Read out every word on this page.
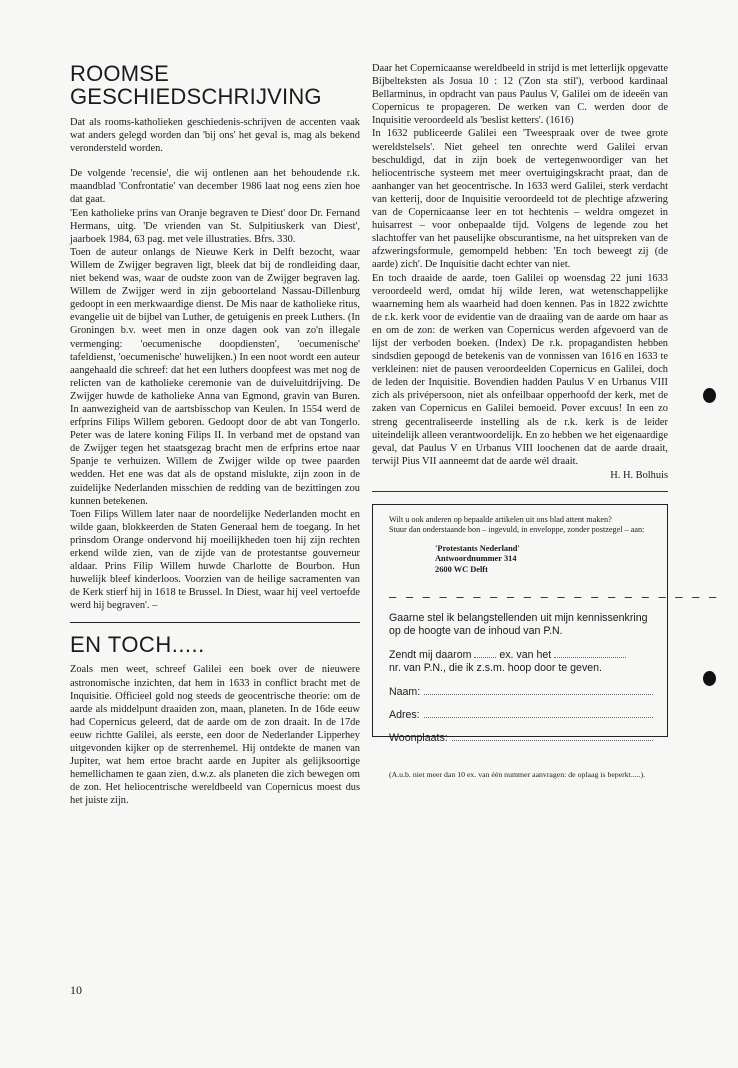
ROOMSE
GESCHIEDSCHRIJVING

Dat als rooms-katholieken geschiedenis-schrijven de accenten vaak wat anders gelegd worden dan 'bij ons' het geval is, mag als bekend verondersteld worden.

De volgende 'recensie', die wij ontlenen aan het behoudende r.k. maandblad 'Confrontatie' van december 1986 laat nog eens zien hoe dat gaat.

'Een katholieke prins van Oranje begraven te Diest' door Dr. Fernand Hermans, uitg. 'De vrienden van St. Sulpitiuskerk van Diest', jaarboek 1984, 63 pag. met vele illustraties. Bfrs. 330.

Toen de auteur onlangs de Nieuwe Kerk in Delft bezocht, waar Willem de Zwijger begraven ligt, bleek dat bij de rondleiding daar, niet bekend was, waar de oudste zoon van de Zwijger begraven lag. Willem de Zwijger werd in zijn geboorteland Nassau-Dillenburg gedoopt in een merkwaardige dienst. De Mis naar de katholieke ritus, evangelie uit de bijbel van Luther, de getuigenis en preek Luthers. (In Groningen b.v. weet men in onze dagen ook van zo'n illegale vermenging: 'oecumenische doopdiensten', 'oecumenische' tafeldienst, 'oecumenische' huwelijken.) In een noot wordt een auteur aangehaald die schreef: dat het een luthers doopfeest was met nog de relicten van de katholieke ceremonie van de duiveluitdrijving. De Zwijger huwde de katholieke Anna van Egmond, gravin van Buren. In aanwezigheid van de aartsbisschop van Keulen. In 1554 werd de erfprins Filips Willem geboren. Gedoopt door de abt van Tongerlo. Peter was de latere koning Filips II. In verband met de opstand van de Zwijger tegen het staatsgezag bracht men de erfprins ertoe naar Spanje te verhuizen. Willem de Zwijger wilde op twee paarden wedden. Het ene was dat als de opstand mislukte, zijn zoon in de zuidelijke Nederlanden misschien de redding van de bezittingen zou kunnen betekenen.

Toen Filips Willem later naar de noordelijke Nederlanden mocht en wilde gaan, blokkeerden de Staten Generaal hem de toegang. In het prinsdom Orange ondervond hij moeilijkheden toen hij zijn rechten erkend wilde zien, van de zijde van de protestantse gouverneur aldaar. Prins Filip Willem huwde Charlotte de Bourbon. Hun huwelijk bleef kinderloos. Voorzien van de heilige sacramenten van de Kerk stierf hij in 1618 te Brussel. In Diest, waar hij veel vertoefde werd hij begraven'. –

EN TOCH.....

Zoals men weet, schreef Galilei een boek over de nieuwere astronomische inzichten, dat hem in 1633 in conflict bracht met de Inquisitie. Officieel gold nog steeds de geocentrische theorie: om de aarde als middelpunt draaiden zon, maan, planeten. In de 16de eeuw had Copernicus geleerd, dat de aarde om de zon draait. In de 17de eeuw richtte Galilei, als eerste, een door de Nederlander Lipperhey uitgevonden kijker op de sterrenhemel. Hij ontdekte de manen van Jupiter, wat hem ertoe bracht aarde en Jupiter als gelijksoortige hemellichamen te gaan zien, d.w.z. als planeten die zich bewegen om de zon. Het heliocentrische wereldbeeld van Copernicus moest dus het juiste zijn.

Daar het Copernicaanse wereldbeeld in strijd is met letterlijk opgevatte Bijbelteksten als Josua 10 : 12 ('Zon sta stil'), verbood kardinaal Bellarminus, in opdracht van paus Paulus V, Galilei om de ideeën van Copernicus te propageren. De werken van C. werden door de Inquisitie veroordeeld als 'beslist ketters'. (1616)

In 1632 publiceerde Galilei een 'Tweespraak over de twee grote wereldstelsels'. Niet geheel ten onrechte werd Galilei ervan beschuldigd, dat in zijn boek de vertegenwoordiger van het heliocentrische systeem met meer overtuigingskracht praat, dan de aanhanger van het geocentrische. In 1633 werd Galilei, sterk verdacht van ketterij, door de Inquisitie veroordeeld tot de plechtige afzwering van de Copernicaanse leer en tot hechtenis – weldra omgezet in huisarrest – voor onbepaalde tijd. Volgens de legende zou het slachtoffer van het pauselijke obscurantisme, na het uitspreken van de afzweringsformule, gemompeld hebben: 'En toch beweegt zij (de aarde) zich'. De Inquisitie dacht echter van niet.

En toch draaide de aarde, toen Galilei op woensdag 22 juni 1633 veroordeeld werd, omdat hij wilde leren, wat wetenschappelijke waarneming hem als waarheid had doen kennen. Pas in 1822 zwichtte de r.k. kerk voor de evidentie van de draaiing van de aarde om haar as en om de zon: de werken van Copernicus werden afgevoerd van de lijst der verboden boeken. (Index) De r.k. propagandisten hebben sindsdien gepoogd de betekenis van de vonnissen van 1616 en 1633 te verkleinen: niet de pausen veroordeelden Copernicus en Galilei, doch de leden der Inquisitie. Bovendien hadden Paulus V en Urbanus VIII zich als privépersoon, niet als onfeilbaar opperhoofd der kerk, met de zaken van Copernicus en Galilei bemoeid. Pover excuus! In een zo streng gecentraliseerde instelling als de r.k. kerk is de leider uiteindelijk alleen verantwoordelijk. En zo hebben we het eigenaardige geval, dat Paulus V en Urbanus VIII loochenen dat de aarde draait, terwijl Pius VII aanneemt dat de aarde wél draait.

H. H. Bolhuis

Wilt u ook anderen op bepaalde artikelen uit ons blad attent maken?

Stuur dan onderstaande bon – ingevuld, in enveloppe, zonder postzegel – aan:

'Protestants Nederland'
Antwoordnummer 314
2600 WC Delft
– – – – – – – – – – – – – – – – – – – –

Gaarne stel ik belangstellenden uit mijn kennissenkring op de hoogte van de inhoud van P.N.

Zendt mij daarom	ex. van het
nr. van P.N., die ik z.s.m. hoop door te geven.

Naam:
Adres:
Woonplaats:

(A.u.b. niet meer dan 10 ex. van één nummer aanvragen: de oplaag is beperkt.....).

10
